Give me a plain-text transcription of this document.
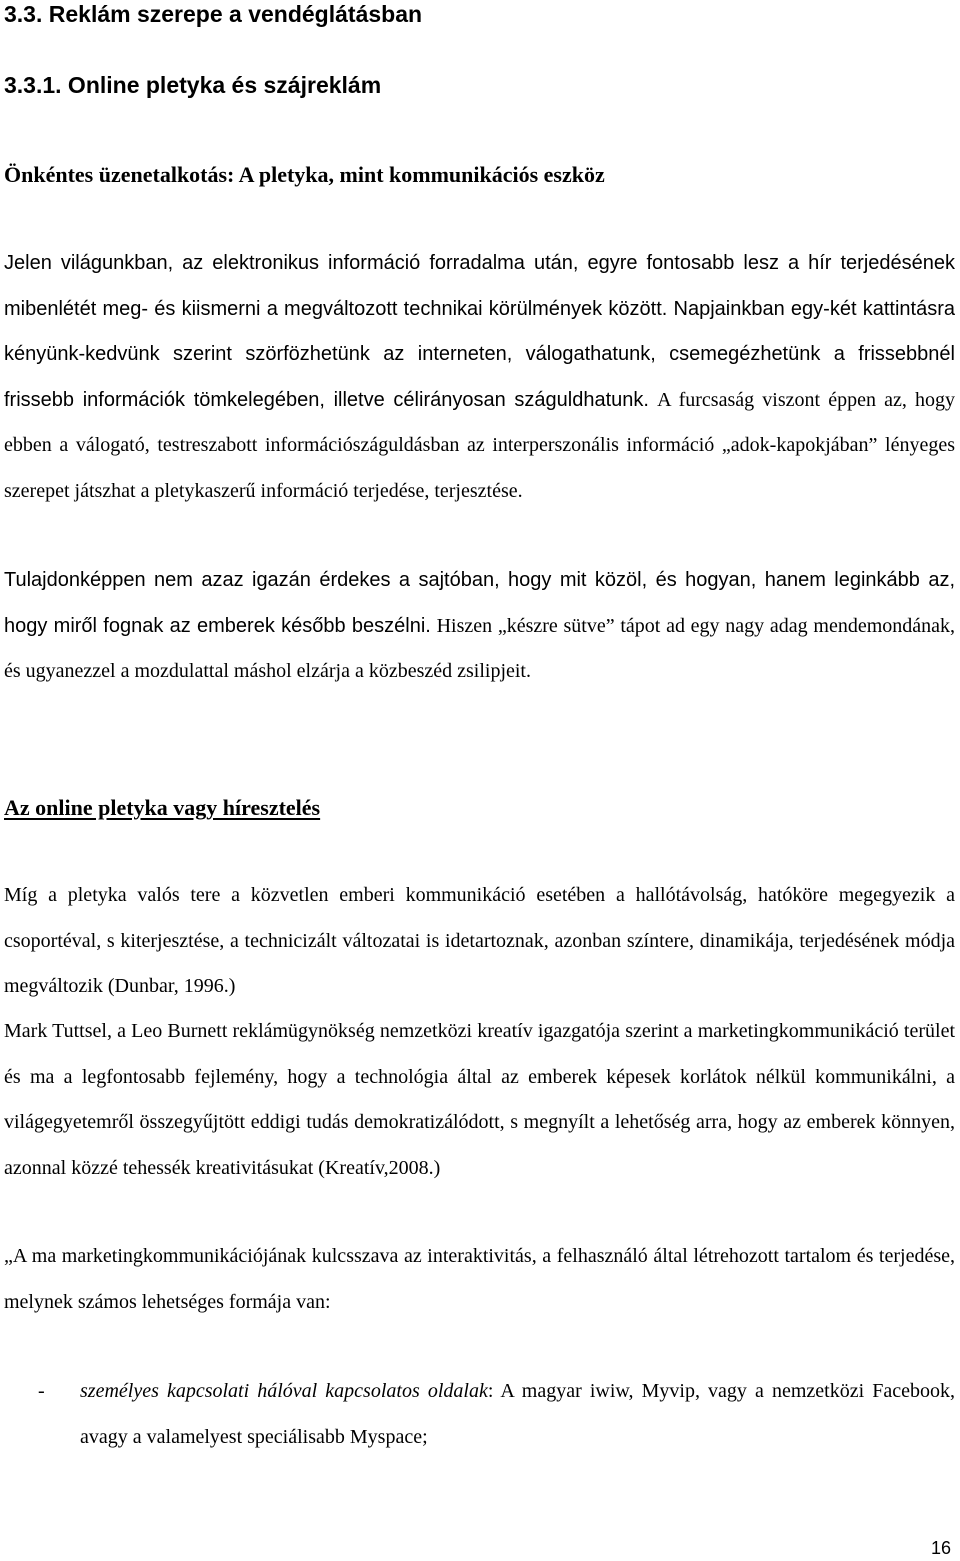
3.3. Reklám szerepe a vendéglátásban
3.3.1. Online pletyka és szájreklám
Önkéntes üzenetalkotás: A pletyka, mint kommunikációs eszköz

Jelen világunkban, az elektronikus információ forradalma után, egyre fontosabb lesz a hír terjedésének mibenlétét meg- és kiismerni a megváltozott technikai körülmények között. Napjainkban egy-két kattintásra kényünk-kedvünk szerint szörfözhetünk az interneten, válogathatunk, csemegézhetünk a frissebbnél frissebb információk tömkelegében, illetve célirányosan száguldhatunk. A furcsaság viszont éppen az, hogy ebben a válogató, testreszabott információszáguldásban az interperszonális információ „adok-kapokjában” lényeges szerepet játszhat a pletykaszerű információ terjedése, terjesztése.

Tulajdonképpen nem azaz igazán érdekes a sajtóban, hogy mit közöl, és hogyan, hanem leginkább az, hogy miről fognak az emberek később beszélni. Hiszen „készre sütve” tápot ad egy nagy adag mendemondának, és ugyanezzel a mozdulattal máshol elzárja a közbeszéd zsilipjeit.

Az online pletyka vagy híresztelés

Míg a pletyka valós tere a közvetlen emberi kommunikáció esetében a hallótávolság, hatóköre megegyezik a csoportéval, s kiterjesztése, a technicizált változatai is idetartoznak, azonban színtere, dinamikája, terjedésének módja megváltozik (Dunbar, 1996.)

Mark Tuttsel, a Leo Burnett reklámügynökség nemzetközi kreatív igazgatója szerint a marketingkommunikáció terület és ma a legfontosabb fejlemény, hogy a technológia által az emberek képesek korlátok nélkül kommunikálni, a világegyetemről összegyűjtött eddigi tudás demokratizálódott, s megnyílt a lehetőség arra, hogy az emberek könnyen, azonnal közzé tehessék kreativitásukat (Kreatív,2008.)

„A ma marketingkommunikációjának kulcsszava az interaktivitás, a felhasználó által létrehozott tartalom és terjedése, melynek számos lehetséges formája van:

- személyes kapcsolati hálóval kapcsolatos oldalak: A magyar iwiw, Myvip, vagy a nemzetközi Facebook, avagy a valamelyest speciálisabb Myspace;
16
